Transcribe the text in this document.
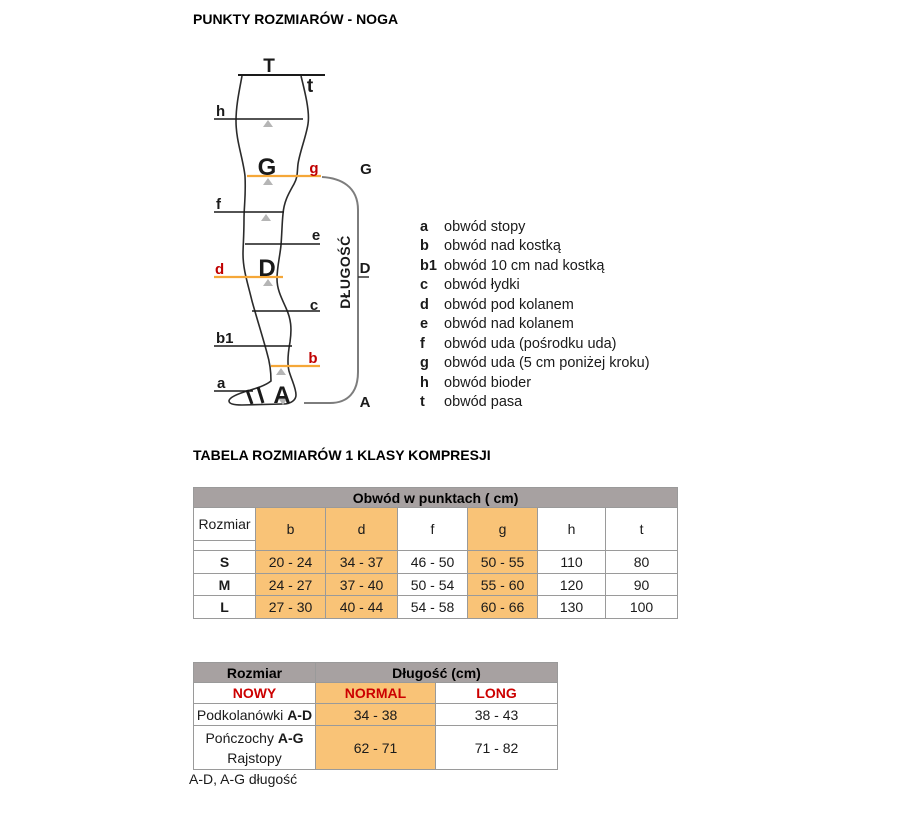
PUNKTY ROZMIARÓW - NOGA
T
t
h
G g	G
f
e
d D	D
DŁUGOŚĆ
c
b1
b
a A	A
a	obwód stopy
b	obwód nad kostką
b1 obwód 10 cm nad kostką
c	obwód łydki
d	obwód pod kolanem
e	obwód nad kolanem
f	obwód uda (pośrodku uda)
g	obwód uda (5 cm poniżej kroku)
h	obwód bioder
t	obwód pasa
TABELA ROZMIARÓW 1 KLASY KOMPRESJI
Obwód w punktach ( cm)						
Rozmiar	b	d	f	g	h	t

S	20 - 24	34 - 37	46 - 50	50 - 55	110	80
M	24 - 27	37 - 40	50 - 54	55 - 60	120	90
L	27 - 30	40 - 44	54 - 58	60 - 66	130	100
Rozmiar	Długość (cm)	
NOWY	NORMAL	LONG
Podkolanówki A-D	34 - 38	38 - 43

Pończochy A-G
Rajstopy	62 - 71	71 - 82
A-D, A-G długość
